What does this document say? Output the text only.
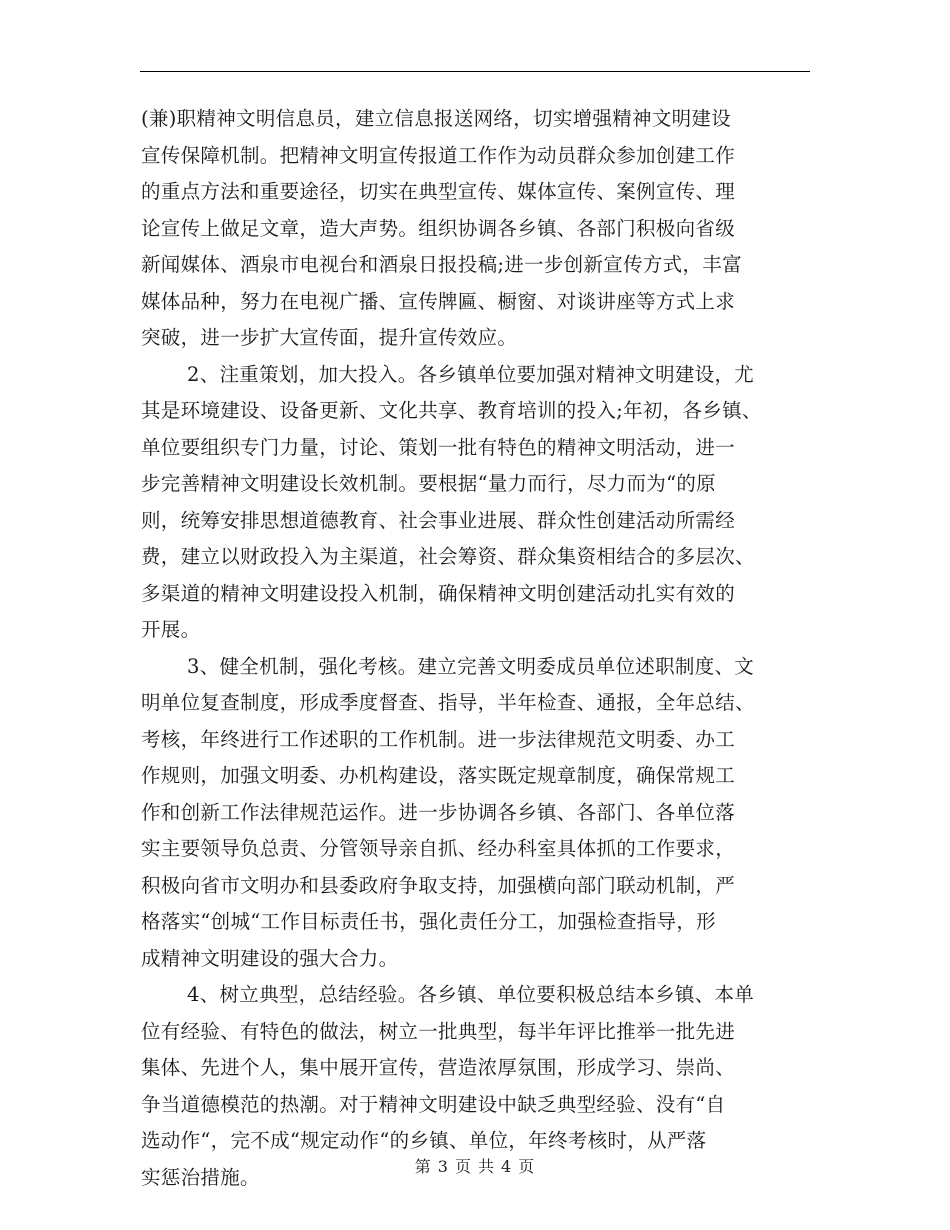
(兼)职精神文明信息员，建立信息报送网络，切实增强精神文明建设
宣传保障机制。把精神文明宣传报道工作作为动员群众参加创建工作
的重点方法和重要途径，切实在典型宣传、媒体宣传、案例宣传、理
论宣传上做足文章，造大声势。组织协调各乡镇、各部门积极向省级
新闻媒体、酒泉市电视台和酒泉日报投稿;进一步创新宣传方式，丰富
媒体品种，努力在电视广播、宣传牌匾、橱窗、对谈讲座等方式上求
突破，进一步扩大宣传面，提升宣传效应。
2、注重策划，加大投入。各乡镇单位要加强对精神文明建设，尤
其是环境建设、设备更新、文化共享、教育培训的投入;年初，各乡镇、
单位要组织专门力量，讨论、策划一批有特色的精神文明活动，进一
步完善精神文明建设长效机制。要根据“量力而行，尽力而为“的原
则，统筹安排思想道德教育、社会事业进展、群众性创建活动所需经
费，建立以财政投入为主渠道，社会筹资、群众集资相结合的多层次、
多渠道的精神文明建设投入机制，确保精神文明创建活动扎实有效的
开展。
3、健全机制，强化考核。建立完善文明委成员单位述职制度、文
明单位复查制度，形成季度督查、指导，半年检查、通报，全年总结、
考核，年终进行工作述职的工作机制。进一步法律规范文明委、办工
作规则，加强文明委、办机构建设，落实既定规章制度，确保常规工
作和创新工作法律规范运作。进一步协调各乡镇、各部门、各单位落
实主要领导负总责、分管领导亲自抓、经办科室具体抓的工作要求，
积极向省市文明办和县委政府争取支持，加强横向部门联动机制，严
格落实“创城“工作目标责任书，强化责任分工，加强检查指导，形
成精神文明建设的强大合力。
4、树立典型，总结经验。各乡镇、单位要积极总结本乡镇、本单
位有经验、有特色的做法，树立一批典型，每半年评比推举一批先进
集体、先进个人，集中展开宣传，营造浓厚氛围，形成学习、崇尚、
争当道德模范的热潮。对于精神文明建设中缺乏典型经验、没有“自
选动作“，完不成“规定动作“的乡镇、单位，年终考核时，从严落
实惩治措施。	第 3 页 共 4 页
